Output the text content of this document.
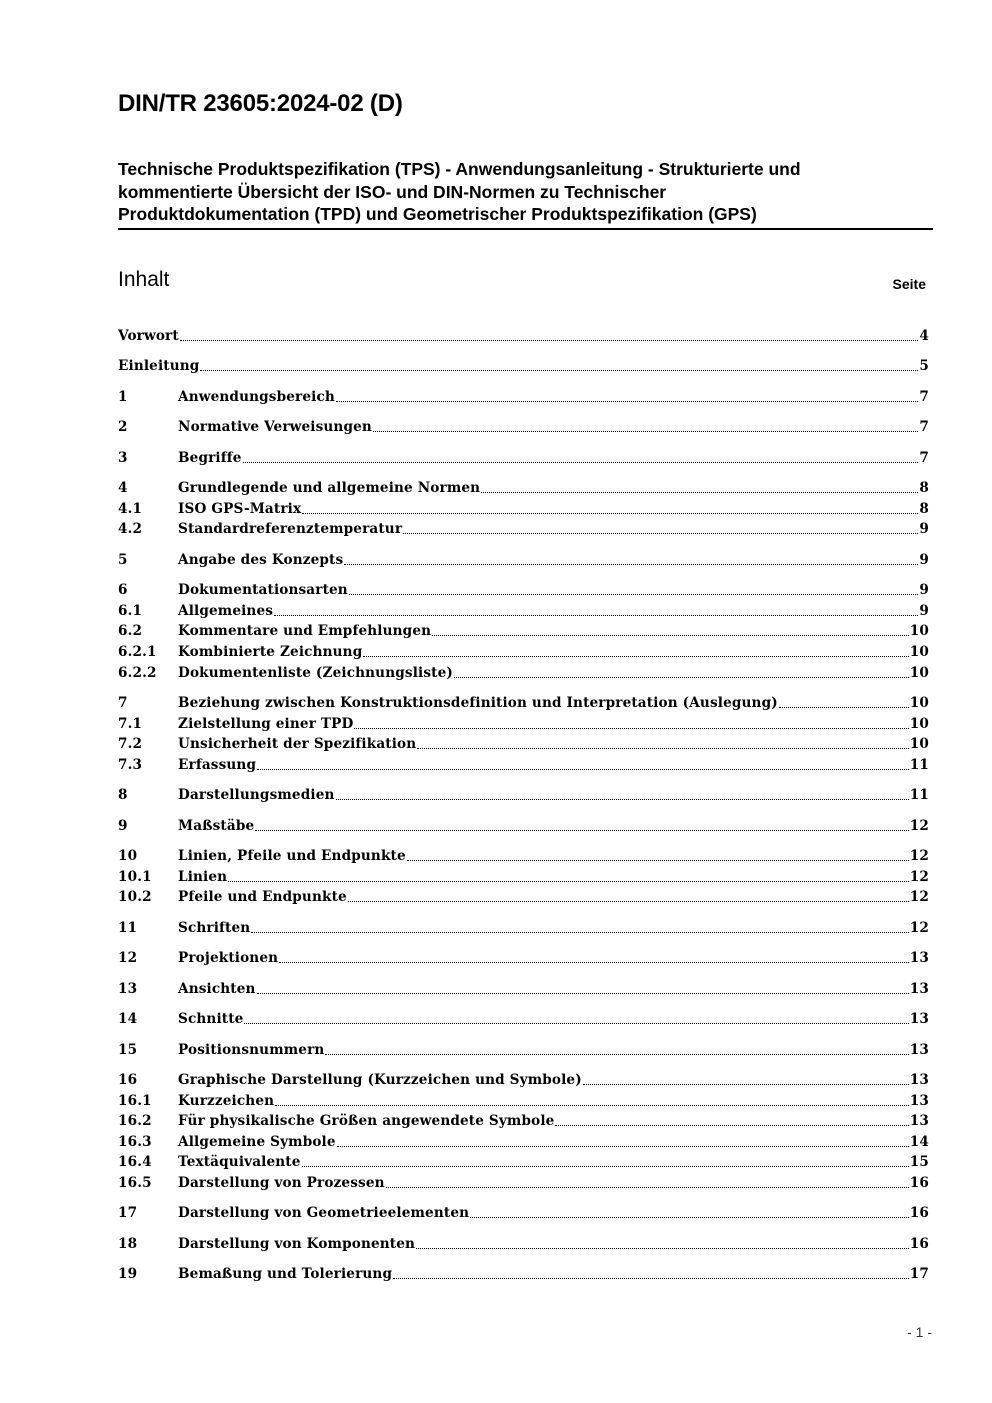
DIN/TR 23605:2024-02 (D)
Technische Produktspezifikation (TPS) - Anwendungsanleitung - Strukturierte und
kommentierte Übersicht der ISO- und DIN-Normen zu Technischer
Produktdokumentation (TPD) und Geometrischer Produktspezifikation (GPS)
Inhalt	Seite
Vorwort	4
Einleitung	5
1	Anwendungsbereich	7
2	Normative Verweisungen	7
3	Begriffe	7
4	Grundlegende und allgemeine Normen	8
4.1	ISO GPS-Matrix	8
4.2	Standardreferenztemperatur	9
5	Angabe des Konzepts	9
6	Dokumentationsarten	9
6.1	Allgemeines	9
6.2	Kommentare und Empfehlungen	10
6.2.1	Kombinierte Zeichnung	10
6.2.2	Dokumentenliste (Zeichnungsliste)	10
7	Beziehung zwischen Konstruktionsdefinition und Interpretation (Auslegung)	10
7.1	Zielstellung einer TPD	10
7.2	Unsicherheit der Spezifikation	10
7.3	Erfassung	11
8	Darstellungsmedien	11
9	Maßstäbe	12
10	Linien, Pfeile und Endpunkte	12
10.1	Linien	12
10.2	Pfeile und Endpunkte	12
11	Schriften	12
12	Projektionen	13
13	Ansichten	13
14	Schnitte	13
15	Positionsnummern	13
16	Graphische Darstellung (Kurzzeichen und Symbole)	13
16.1	Kurzzeichen	13
16.2	Für physikalische Größen angewendete Symbole	13
16.3	Allgemeine Symbole	14
16.4	Textäquivalente	15
16.5	Darstellung von Prozessen	16
17	Darstellung von Geometrieelementen	16
18	Darstellung von Komponenten	16
19	Bemaßung und Tolerierung	17
- 1 -
